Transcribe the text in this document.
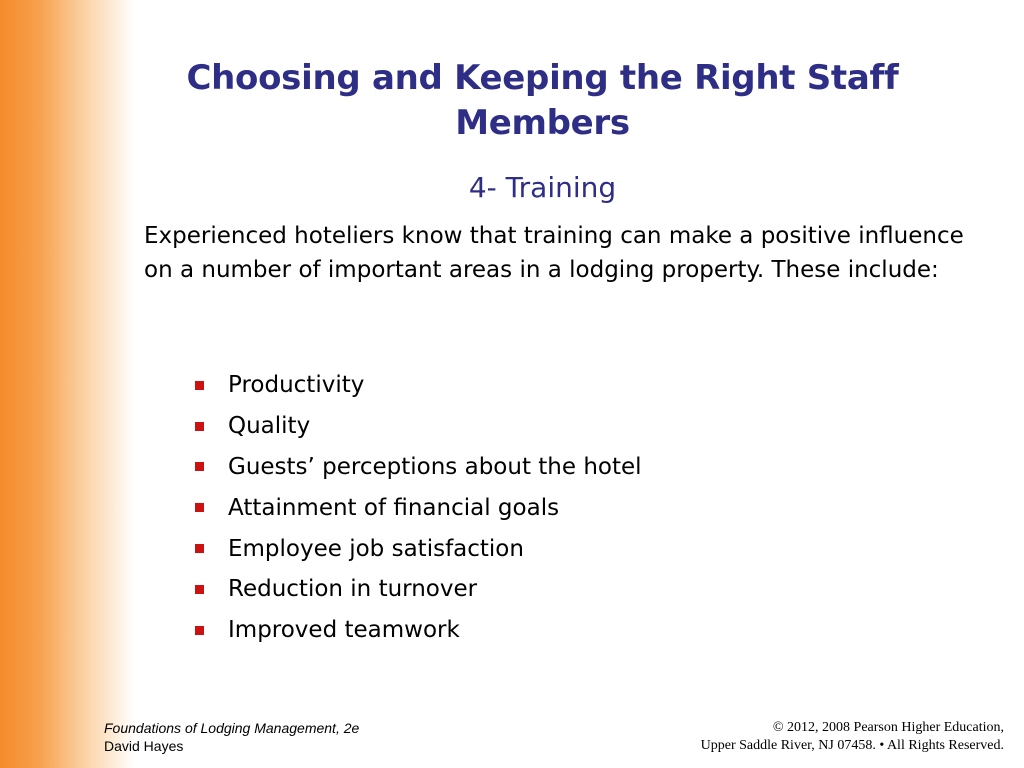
Choosing and Keeping the Right Staff Members
4- Training
Experienced hoteliers know that training can make a positive influence on a number of important areas in a lodging property. These include:
Productivity
Quality
Guests’ perceptions about the hotel
Attainment of financial goals
Employee job satisfaction
Reduction in turnover
Improved teamwork
Foundations of Lodging Management, 2e
David Hayes
© 2012, 2008 Pearson Higher Education,
Upper Saddle River, NJ 07458. • All Rights Reserved.
